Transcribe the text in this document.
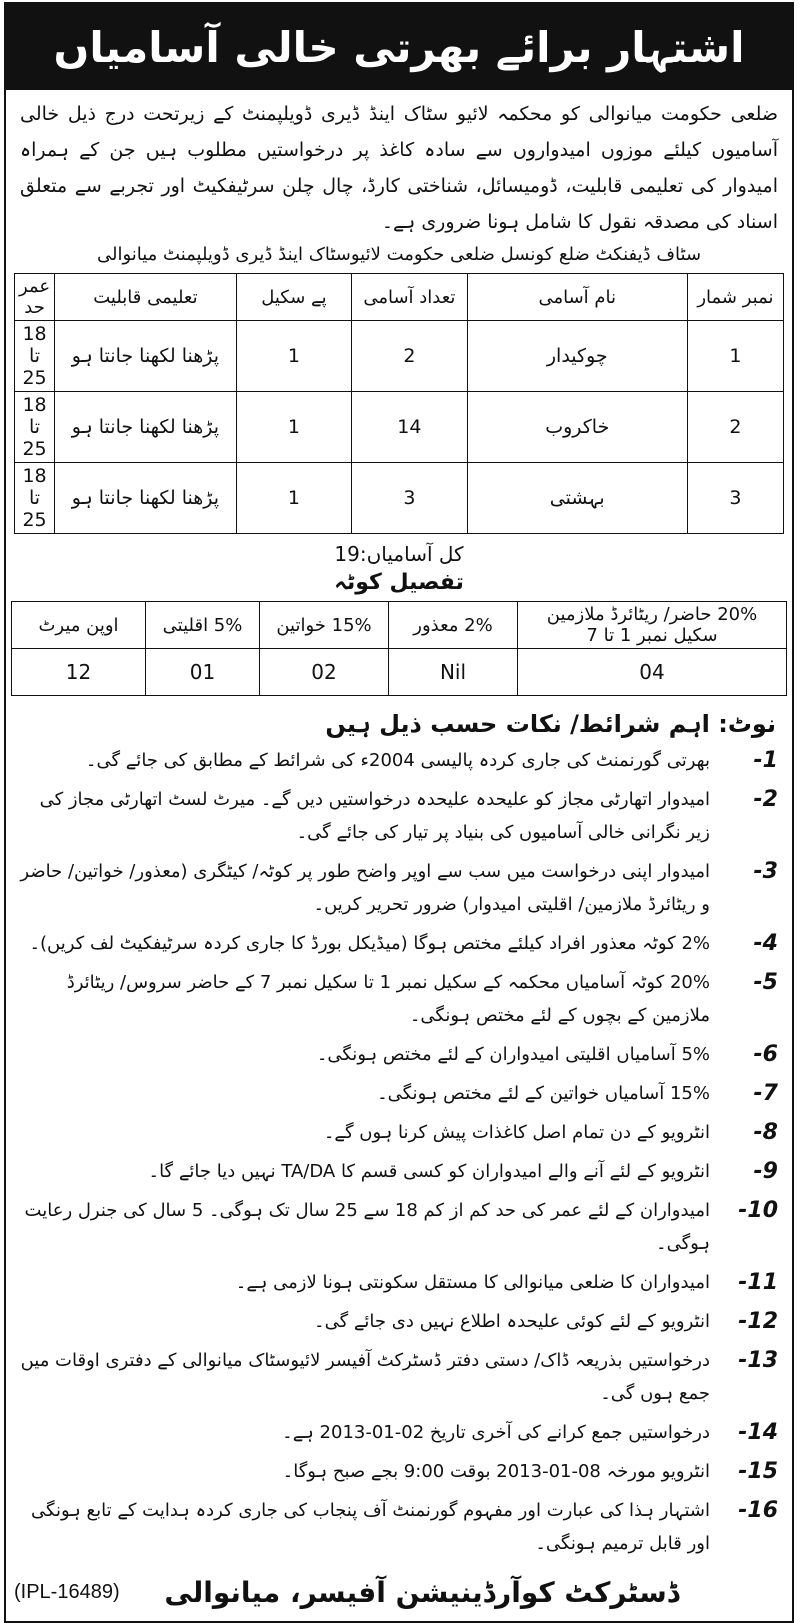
اشتہار برائے بھرتی خالی آسامیاں
ضلعی حکومت میانوالی کو محکمہ لائیو سٹاک اینڈ ڈیری ڈویلپمنٹ کے زیرتحت درج ذیل خالی آسامیوں کیلئے موزوں امیدواروں سے سادہ کاغذ پر درخواستیں مطلوب ہیں جن کے ہمراہ امیدوار کی تعلیمی قابلیت، ڈومیسائل، شناختی کارڈ، چال چلن سرٹیفکیٹ اور تجربے سے متعلق اسناد کی مصدقہ نقول کا شامل ہونا ضروری ہے۔
سٹاف ڈیفنکٹ ضلع کونسل ضلعی حکومت لائیوسٹاک اینڈ ڈیری ڈویلپمنٹ میانوالی
نمبر شمار	نام آسامی	تعداد آسامی	پے سکیل	تعلیمی قابلیت	عمر حد
1	چوکیدار	2	1	پڑھنا لکھنا جانتا ہو	18 تا 25
2	خاکروب	14	1	پڑھنا لکھنا جانتا ہو	18 تا 25
3	بہشتی	3	1	پڑھنا لکھنا جانتا ہو	18 تا 25
کل آسامیاں:19
تفصیل کوٹہ
20% حاضر/ ریٹائرڈ ملازمین سکیل نمبر 1 تا 7	2% معذور	15% خواتین	5% اقلیتی	اوپن میرٹ
04	Nil	02	01	12
نوٹ: اہم شرائط/ نکات حسب ذیل ہیں
-1
بھرتی گورنمنٹ کی جاری کردہ پالیسی 2004ء کی شرائط کے مطابق کی جائے گی۔
-2
امیدوار اتھارٹی مجاز کو علیحدہ علیحدہ درخواستیں دیں گے۔ میرٹ لسٹ اتھارٹی مجاز کی زیر نگرانی خالی آسامیوں کی بنیاد پر تیار کی جائے گی۔
-3
امیدوار اپنی درخواست میں سب سے اوپر واضح طور پر کوٹہ/ کیٹگری (معذور/ خواتین/ حاضر و ریٹائرڈ ملازمین/ اقلیتی امیدوار) ضرور تحریر کریں۔
-4
2% کوٹہ معذور افراد کیلئے مختص ہوگا (میڈیکل بورڈ کا جاری کردہ سرٹیفکیٹ لف کریں)۔
-5
20% کوٹہ آسامیاں محکمہ کے سکیل نمبر 1 تا سکیل نمبر 7 کے حاضر سروس/ ریٹائرڈ ملازمین کے بچوں کے لئے مختص ہونگی۔
-6
5% آسامیاں اقلیتی امیدواران کے لئے مختص ہونگی۔
-7
15% آسامیاں خواتین کے لئے مختص ہونگی۔
-8
انٹرویو کے دن تمام اصل کاغذات پیش کرنا ہوں گے۔
-9
انٹرویو کے لئے آنے والے امیدواران کو کسی قسم کا TA/DA نہیں دیا جائے گا۔
-10
امیدواران کے لئے عمر کی حد کم از کم 18 سے 25 سال تک ہوگی۔ 5 سال کی جنرل رعایت ہوگی۔
-11
امیدواران کا ضلعی میانوالی کا مستقل سکونتی ہونا لازمی ہے۔
-12
انٹرویو کے لئے کوئی علیحدہ اطلاع نہیں دی جائے گی۔
-13
درخواستیں بذریعہ ڈاک/ دستی دفتر ڈسٹرکٹ آفیسر لائیوسٹاک میانوالی کے دفتری اوقات میں جمع ہوں گی۔
-14
درخواستیں جمع کرانے کی آخری تاریخ 02-01-2013 ہے۔
-15
انٹرویو مورخہ 08-01-2013 بوقت 9:00 بجے صبح ہوگا۔
-16
اشتہار ہذا کی عبارت اور مفہوم گورنمنٹ آف پنجاب کی جاری کردہ ہدایت کے تابع ہونگی اور قابل ترمیم ہونگی۔
(IPL-16489)	ڈسٹرکٹ کوآرڈینیشن آفیسر، میانوالی
